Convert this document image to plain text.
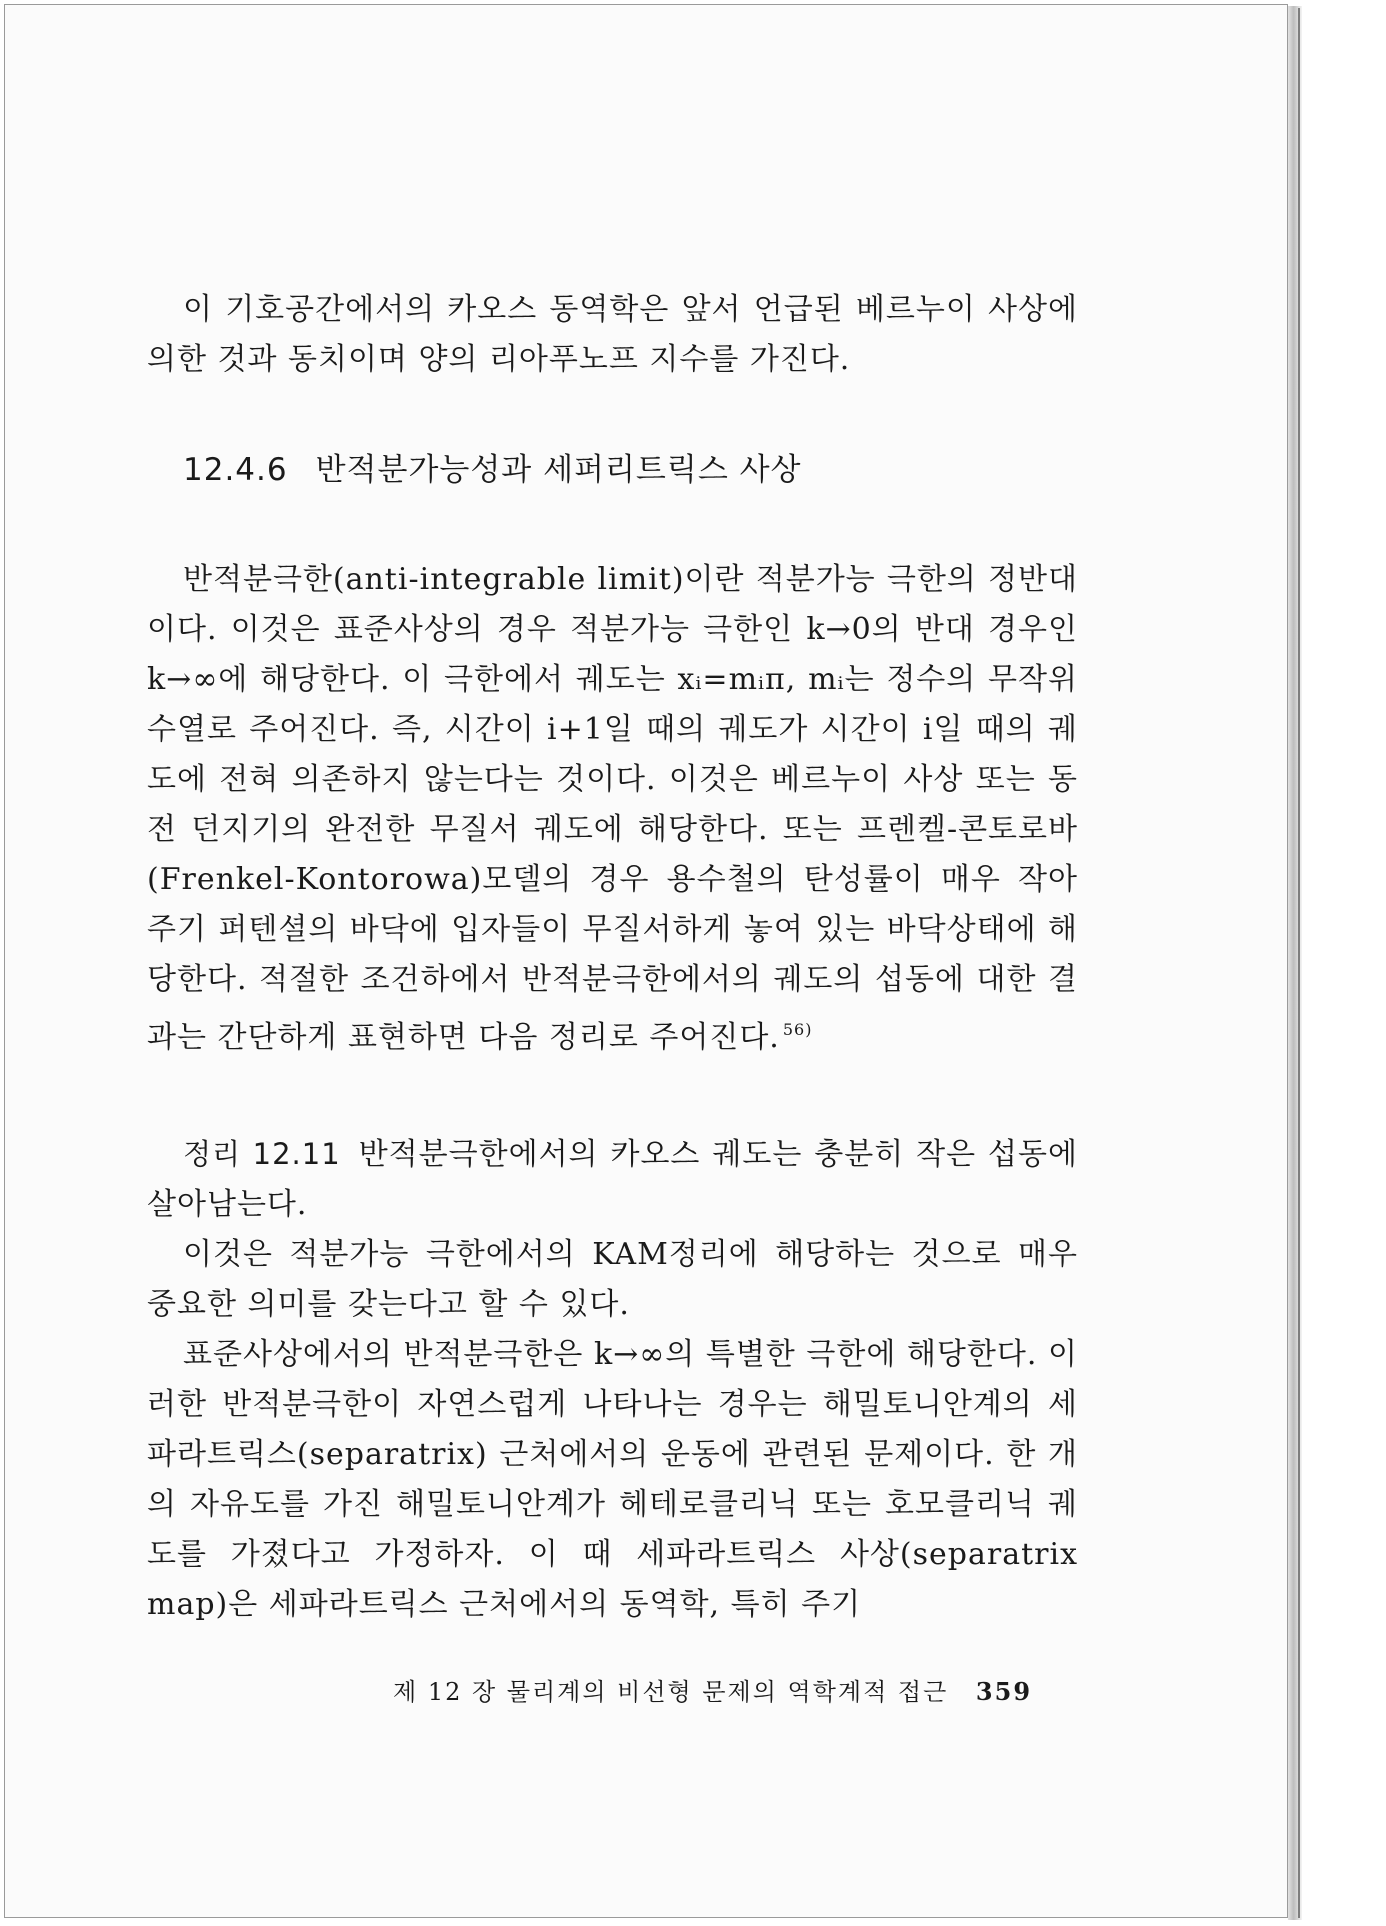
이 기호공간에서의 카오스 동역학은 앞서 언급된 베르누이 사상에 의한 것과 동치이며 양의 리아푸노프 지수를 가진다.

12.4.6 반적분가능성과 세퍼리트릭스 사상

반적분극한(anti-integrable limit)이란 적분가능 극한의 정반대이다. 이것은 표준사상의 경우 적분가능 극한인 k→0의 반대 경우인 k→∞에 해당한다. 이 극한에서 궤도는 xᵢ=mᵢπ, mᵢ는 정수의 무작위 수열로 주어진다. 즉, 시간이 i+1일 때의 궤도가 시간이 i일 때의 궤도에 전혀 의존하지 않는다는 것이다. 이것은 베르누이 사상 또는 동전 던지기의 완전한 무질서 궤도에 해당한다. 또는 프렌켈-콘토로바(Frenkel-Kontorowa)모델의 경우 용수철의 탄성률이 매우 작아 주기 퍼텐셜의 바닥에 입자들이 무질서하게 놓여 있는 바닥상태에 해당한다. 적절한 조건하에서 반적분극한에서의 궤도의 섭동에 대한 결과는 간단하게 표현하면 다음 정리로 주어진다. $^{56)}$

정리 12.11 반적분극한에서의 카오스 궤도는 충분히 작은 섭동에 살아남는다.

이것은 적분가능 극한에서의 KAM정리에 해당하는 것으로 매우 중요한 의미를 갖는다고 할 수 있다.

표준사상에서의 반적분극한은 k→∞의 특별한 극한에 해당한다. 이러한 반적분극한이 자연스럽게 나타나는 경우는 해밀토니안계의 세파라트릭스(separatrix) 근처에서의 운동에 관련된 문제이다. 한 개의 자유도를 가진 해밀토니안계가 헤테로클리닉 또는 호모클리닉 궤도를 가졌다고 가정하자. 이 때 세파라트릭스 사상(separatrix map)은 세파라트릭스 근처에서의 동역학, 특히 주기

제 12 장 물리계의 비선형 문제의 역학계적 접근 359
